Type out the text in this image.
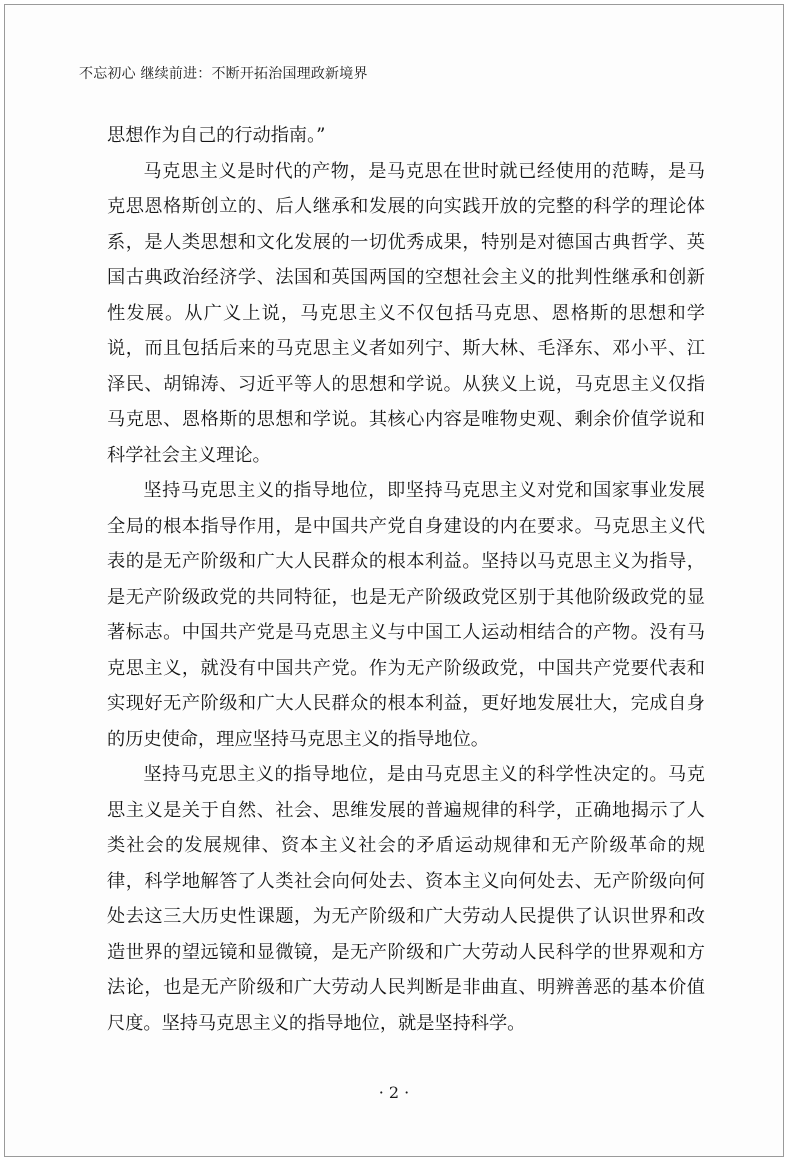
不忘初心 继续前进：不断开拓治国理政新境界

思想作为自己的行动指南。”

马克思主义是时代的产物，是马克思在世时就已经使用的范畴，是马克思恩格斯创立的、后人继承和发展的向实践开放的完整的科学的理论体系，是人类思想和文化发展的一切优秀成果，特别是对德国古典哲学、英国古典政治经济学、法国和英国两国的空想社会主义的批判性继承和创新性发展。从广义上说，马克思主义不仅包括马克思、恩格斯的思想和学说，而且包括后来的马克思主义者如列宁、斯大林、毛泽东、邓小平、江泽民、胡锦涛、习近平等人的思想和学说。从狭义上说，马克思主义仅指马克思、恩格斯的思想和学说。其核心内容是唯物史观、剩余价值学说和科学社会主义理论。

坚持马克思主义的指导地位，即坚持马克思主义对党和国家事业发展全局的根本指导作用，是中国共产党自身建设的内在要求。马克思主义代表的是无产阶级和广大人民群众的根本利益。坚持以马克思主义为指导，是无产阶级政党的共同特征，也是无产阶级政党区别于其他阶级政党的显著标志。中国共产党是马克思主义与中国工人运动相结合的产物。没有马克思主义，就没有中国共产党。作为无产阶级政党，中国共产党要代表和实现好无产阶级和广大人民群众的根本利益，更好地发展壮大，完成自身的历史使命，理应坚持马克思主义的指导地位。

坚持马克思主义的指导地位，是由马克思主义的科学性决定的。马克思主义是关于自然、社会、思维发展的普遍规律的科学，正确地揭示了人类社会的发展规律、资本主义社会的矛盾运动规律和无产阶级革命的规律，科学地解答了人类社会向何处去、资本主义向何处去、无产阶级向何处去这三大历史性课题，为无产阶级和广大劳动人民提供了认识世界和改造世界的望远镜和显微镜，是无产阶级和广大劳动人民科学的世界观和方法论，也是无产阶级和广大劳动人民判断是非曲直、明辨善恶的基本价值尺度。坚持马克思主义的指导地位，就是坚持科学。

· 2 ·
